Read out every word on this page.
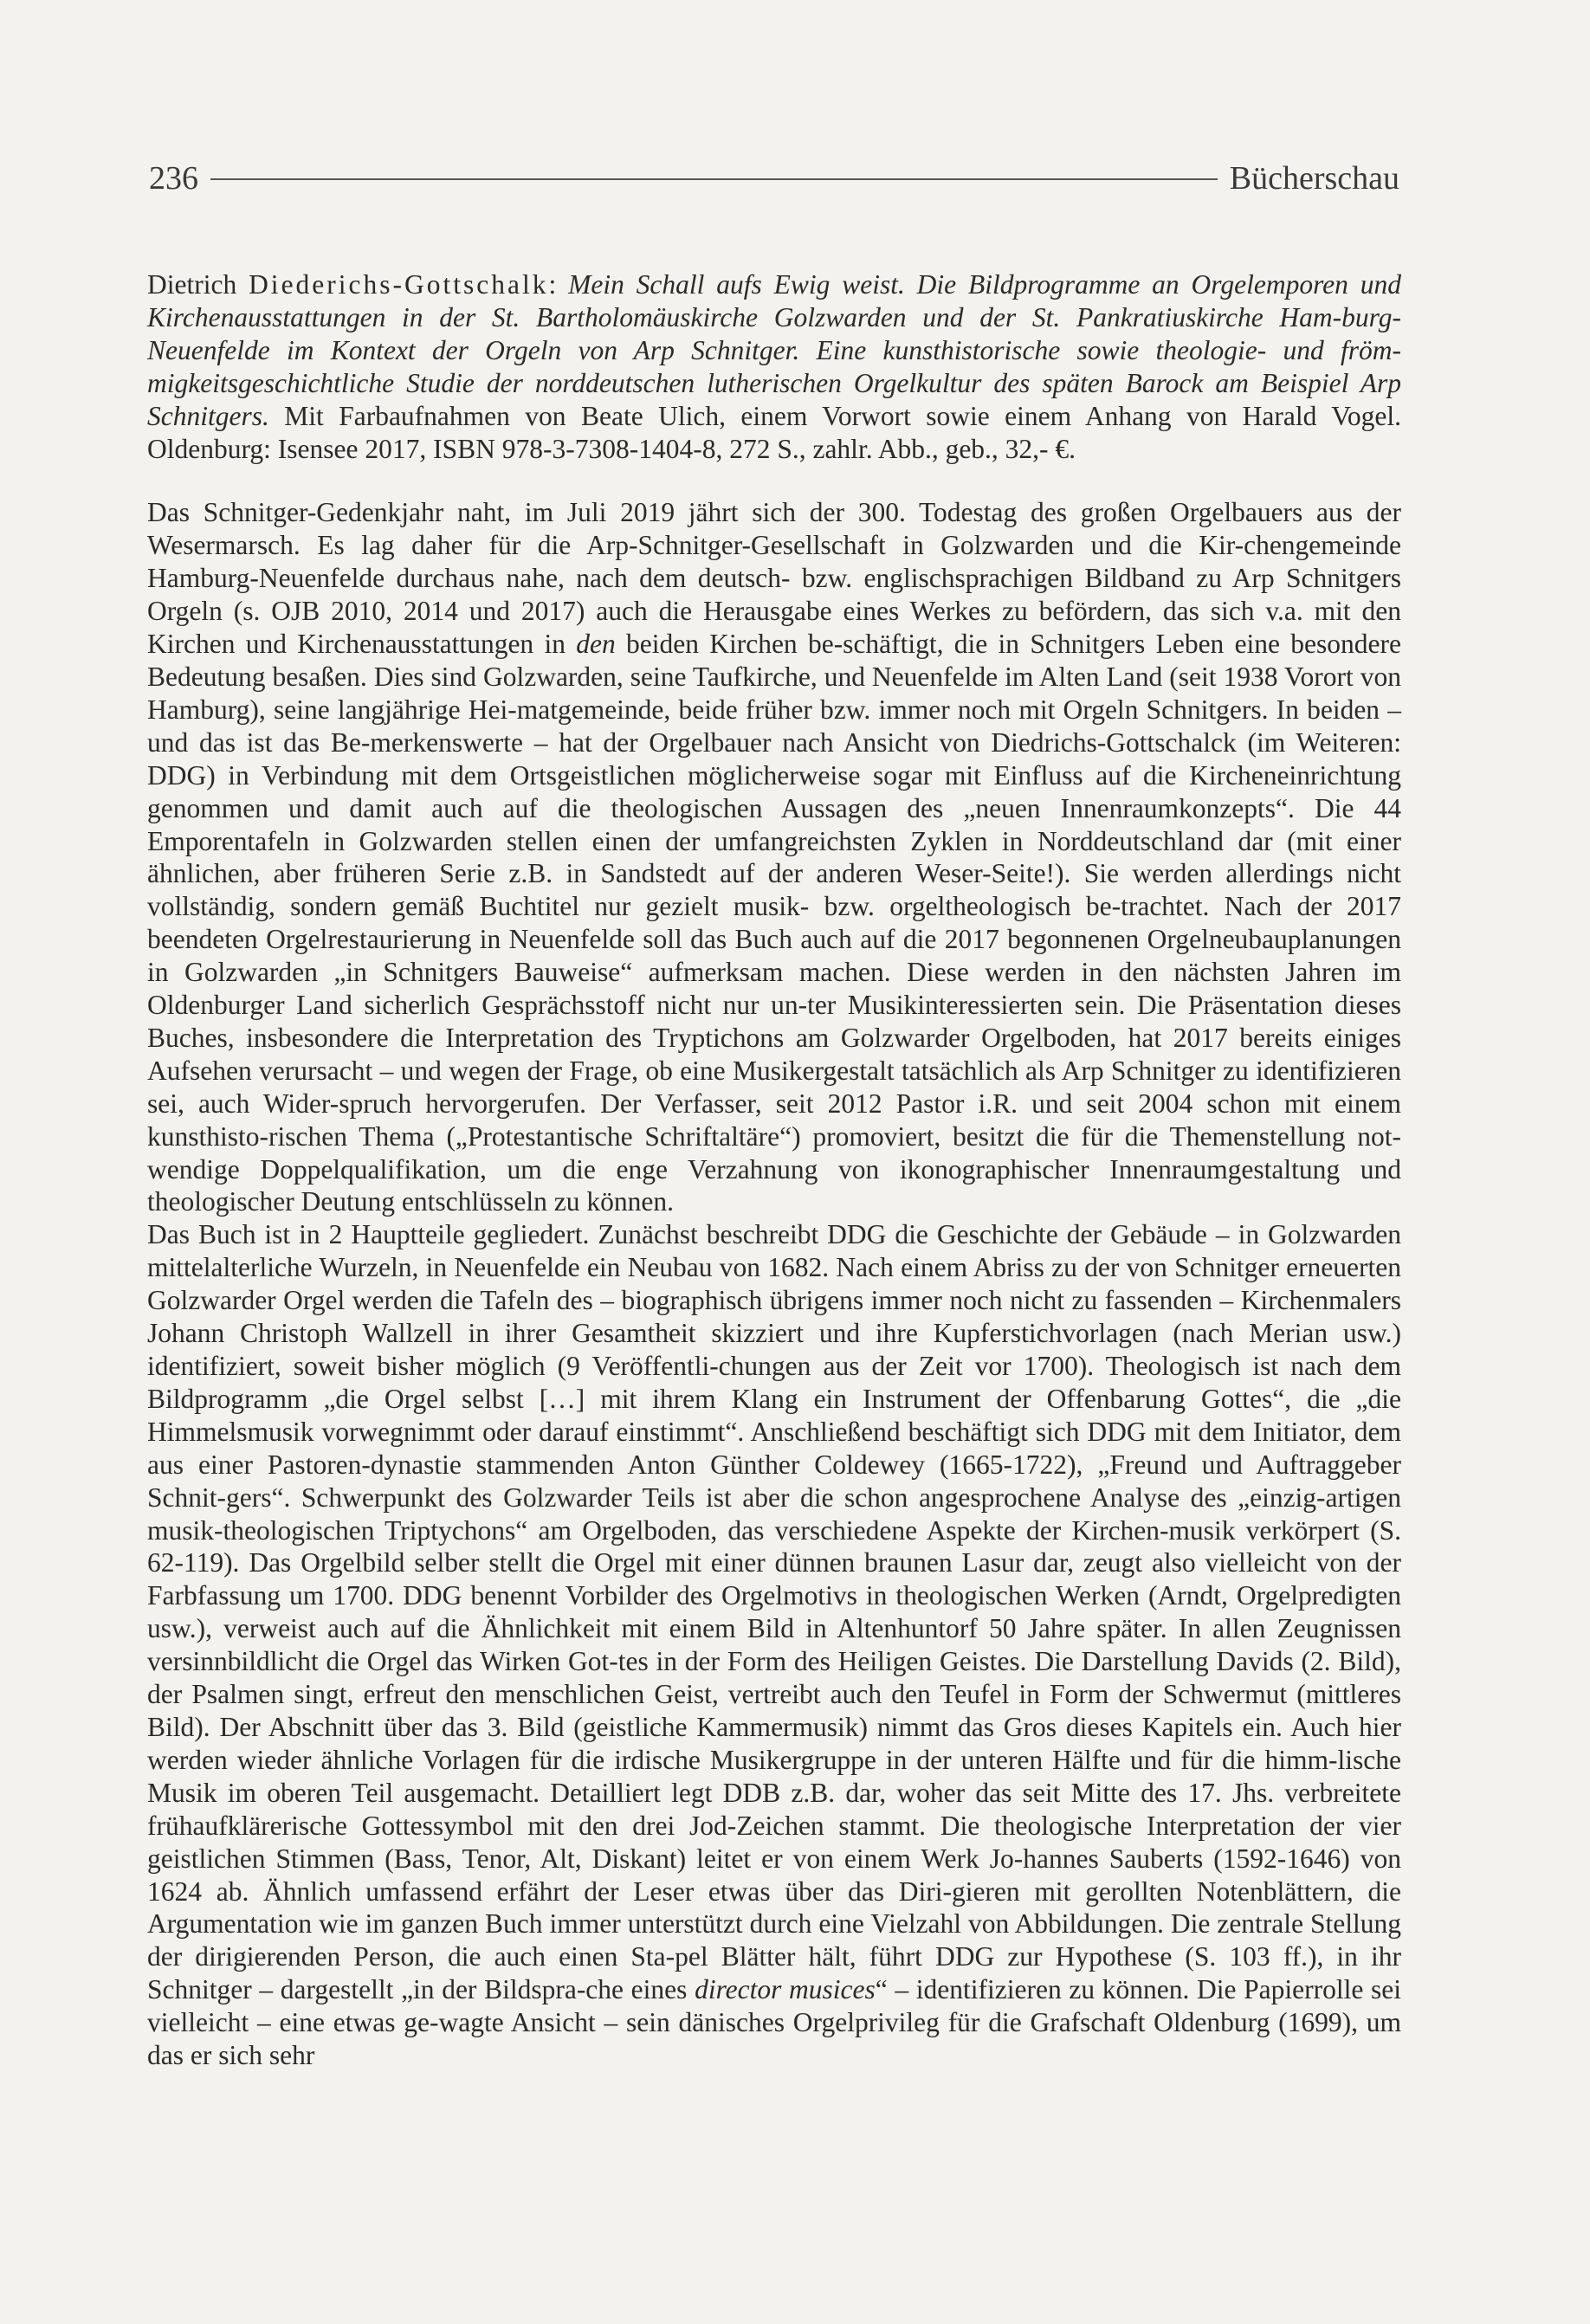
236	Bücherschau

Dietrich Diederichs-Gottschalk: Mein Schall aufs Ewig weist. Die Bildprogramme an Orgelemporen und Kirchenausstattungen in der St. Bartholomäuskirche Golzwarden und der St. Pankratiuskirche Ham-burg-Neuenfelde im Kontext der Orgeln von Arp Schnitger. Eine kunsthistorische sowie theologie- und fröm-migkeitsgeschichtliche Studie der norddeutschen lutherischen Orgelkultur des späten Barock am Beispiel Arp Schnitgers. Mit Farbaufnahmen von Beate Ulich, einem Vorwort sowie einem Anhang von Harald Vogel. Oldenburg: Isensee 2017, ISBN 978-3-7308-1404-8, 272 S., zahlr. Abb., geb., 32,- €.

Das Schnitger-Gedenkjahr naht, im Juli 2019 jährt sich der 300. Todestag des großen Orgelbauers aus der Wesermarsch. Es lag daher für die Arp-Schnitger-Gesellschaft in Golzwarden und die Kir-chengemeinde Hamburg-Neuenfelde durchaus nahe, nach dem deutsch- bzw. englischsprachigen Bildband zu Arp Schnitgers Orgeln (s. OJB 2010, 2014 und 2017) auch die Herausgabe eines Werkes zu befördern, das sich v.a. mit den Kirchen und Kirchenausstattungen in den beiden Kirchen be-schäftigt, die in Schnitgers Leben eine besondere Bedeutung besaßen. Dies sind Golzwarden, seine Taufkirche, und Neuenfelde im Alten Land (seit 1938 Vorort von Hamburg), seine langjährige Hei-matgemeinde, beide früher bzw. immer noch mit Orgeln Schnitgers. In beiden – und das ist das Be-merkenswerte – hat der Orgelbauer nach Ansicht von Diedrichs-Gottschalck (im Weiteren: DDG) in Verbindung mit dem Ortsgeistlichen möglicherweise sogar mit Einfluss auf die Kircheneinrichtung genommen und damit auch auf die theologischen Aussagen des „neuen Innenraumkonzepts“. Die 44 Emporentafeln in Golzwarden stellen einen der umfangreichsten Zyklen in Norddeutschland dar (mit einer ähnlichen, aber früheren Serie z.B. in Sandstedt auf der anderen Weser-Seite!). Sie werden allerdings nicht vollständig, sondern gemäß Buchtitel nur gezielt musik- bzw. orgeltheologisch be-trachtet. Nach der 2017 beendeten Orgelrestaurierung in Neuenfelde soll das Buch auch auf die 2017 begonnenen Orgelneubauplanungen in Golzwarden „in Schnitgers Bauweise“ aufmerksam machen. Diese werden in den nächsten Jahren im Oldenburger Land sicherlich Gesprächsstoff nicht nur un-ter Musikinteressierten sein. Die Präsentation dieses Buches, insbesondere die Interpretation des Tryptichons am Golzwarder Orgelboden, hat 2017 bereits einiges Aufsehen verursacht – und wegen der Frage, ob eine Musikergestalt tatsächlich als Arp Schnitger zu identifizieren sei, auch Wider-spruch hervorgerufen. Der Verfasser, seit 2012 Pastor i.R. und seit 2004 schon mit einem kunsthisto-rischen Thema („Protestantische Schriftaltäre“) promoviert, besitzt die für die Themenstellung not-wendige Doppelqualifikation, um die enge Verzahnung von ikonographischer Innenraumgestaltung und theologischer Deutung entschlüsseln zu können.

Das Buch ist in 2 Hauptteile gegliedert. Zunächst beschreibt DDG die Geschichte der Gebäude – in Golzwarden mittelalterliche Wurzeln, in Neuenfelde ein Neubau von 1682. Nach einem Abriss zu der von Schnitger erneuerten Golzwarder Orgel werden die Tafeln des – biographisch übrigens immer noch nicht zu fassenden – Kirchenmalers Johann Christoph Wallzell in ihrer Gesamtheit skizziert und ihre Kupferstichvorlagen (nach Merian usw.) identifiziert, soweit bisher möglich (9 Veröffentli-chungen aus der Zeit vor 1700). Theologisch ist nach dem Bildprogramm „die Orgel selbst […] mit ihrem Klang ein Instrument der Offenbarung Gottes“, die „die Himmelsmusik vorwegnimmt oder darauf einstimmt“. Anschließend beschäftigt sich DDG mit dem Initiator, dem aus einer Pastoren-dynastie stammenden Anton Günther Coldewey (1665-1722), „Freund und Auftraggeber Schnit-gers“. Schwerpunkt des Golzwarder Teils ist aber die schon angesprochene Analyse des „einzig-artigen musik-theologischen Triptychons“ am Orgelboden, das verschiedene Aspekte der Kirchen-musik verkörpert (S. 62-119). Das Orgelbild selber stellt die Orgel mit einer dünnen braunen Lasur dar, zeugt also vielleicht von der Farbfassung um 1700. DDG benennt Vorbilder des Orgelmotivs in theologischen Werken (Arndt, Orgelpredigten usw.), verweist auch auf die Ähnlichkeit mit einem Bild in Altenhuntorf 50 Jahre später. In allen Zeugnissen versinnbildlicht die Orgel das Wirken Got-tes in der Form des Heiligen Geistes. Die Darstellung Davids (2. Bild), der Psalmen singt, erfreut den menschlichen Geist, vertreibt auch den Teufel in Form der Schwermut (mittleres Bild). Der Abschnitt über das 3. Bild (geistliche Kammermusik) nimmt das Gros dieses Kapitels ein. Auch hier werden wieder ähnliche Vorlagen für die irdische Musikergruppe in der unteren Hälfte und für die himm-lische Musik im oberen Teil ausgemacht. Detailliert legt DDB z.B. dar, woher das seit Mitte des 17. Jhs. verbreitete frühaufklärerische Gottessymbol mit den drei Jod-Zeichen stammt. Die theologische Interpretation der vier geistlichen Stimmen (Bass, Tenor, Alt, Diskant) leitet er von einem Werk Jo-hannes Sauberts (1592-1646) von 1624 ab. Ähnlich umfassend erfährt der Leser etwas über das Diri-gieren mit gerollten Notenblättern, die Argumentation wie im ganzen Buch immer unterstützt durch eine Vielzahl von Abbildungen. Die zentrale Stellung der dirigierenden Person, die auch einen Sta-pel Blätter hält, führt DDG zur Hypothese (S. 103 ff.), in ihr Schnitger – dargestellt „in der Bildspra-che eines director musices“ – identifizieren zu können. Die Papierrolle sei vielleicht – eine etwas ge-wagte Ansicht – sein dänisches Orgelprivileg für die Grafschaft Oldenburg (1699), um das er sich sehr
